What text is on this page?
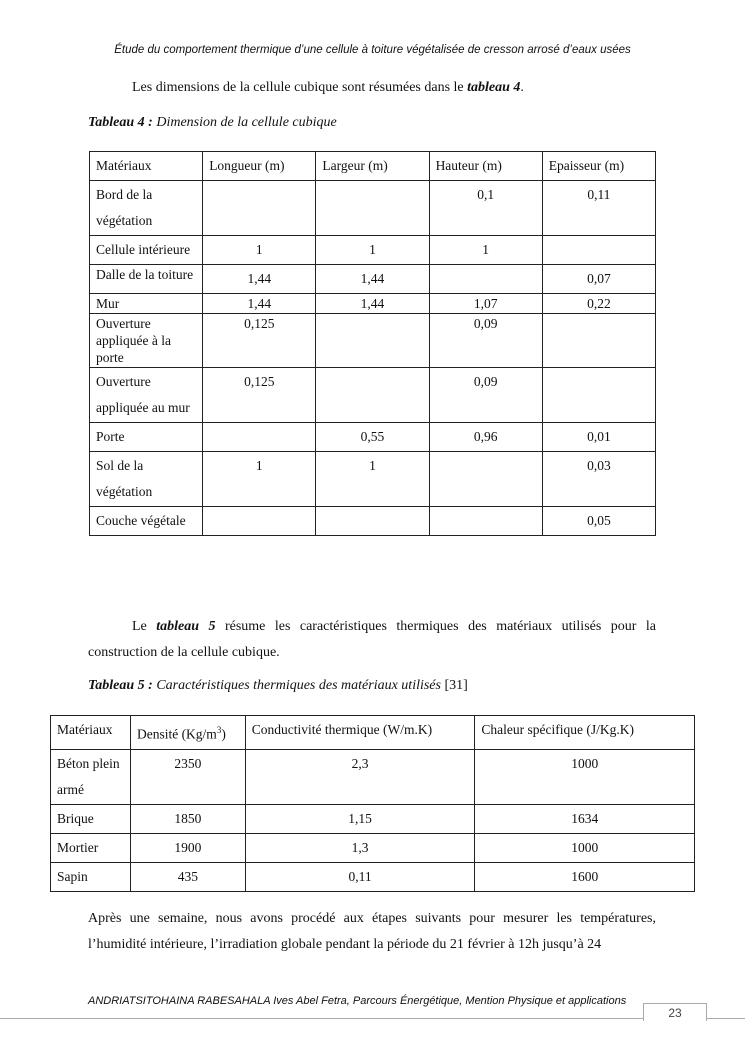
Étude du comportement thermique d’une cellule à toiture végétalisée de cresson arrosé d’eaux usées
Les dimensions de la cellule cubique sont résumées dans le tableau 4.
Tableau 4 : Dimension de la cellule cubique
Matériaux	Longueur (m)	Largeur (m)	Hauteur (m)	Epaisseur (m)
Bord de la végétation			0,1	0,11
Cellule intérieure	1	1	1	
Dalle de la toiture	1,44	1,44		0,07
Mur	1,44	1,44	1,07	0,22
Ouverture appliquée à la porte	0,125		0,09	
Ouverture appliquée au mur	0,125		0,09	
Porte		0,55	0,96	0,01
Sol de la végétation	1	1		0,03
Couche végétale				0,05
Le tableau 5 résume les caractéristiques thermiques des matériaux utilisés pour la construction de la cellule cubique.
Tableau 5 : Caractéristiques thermiques des matériaux utilisés [31]
Matériaux	Densité $(Kg/m^3)$	Conductivité thermique (W/m.K)	Chaleur spécifique (J/Kg.K)
Béton plein armé	2350	2,3	1000
Brique	1850	1,15	1634
Mortier	1900	1,3	1000
Sapin	435	0,11	1600
Après une semaine, nous avons procédé aux étapes suivants pour mesurer les températures, l’humidité intérieure, l’irradiation globale pendant la période du 21 février à 12h jusqu’à 24
ANDRIATSITOHAINA RABESAHALA Ives Abel Fetra, Parcours Énergétique, Mention Physique et applications
23
